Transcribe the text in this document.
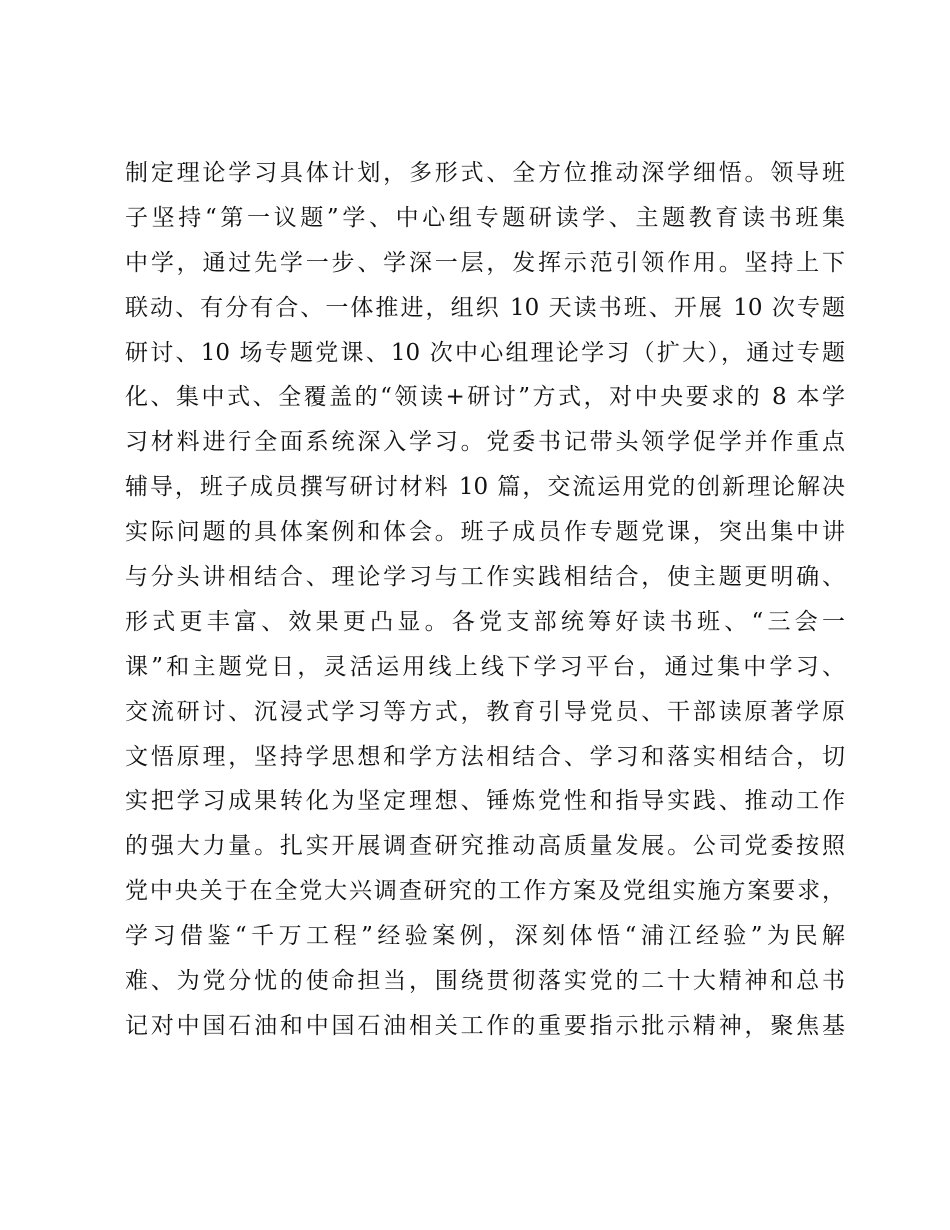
制定理论学习具体计划，多形式、全方位推动深学细悟。领导班
子坚持“第一议题”学、中心组专题研读学、主题教育读书班集
中学，通过先学一步、学深一层，发挥示范引领作用。坚持上下
联动、有分有合、一体推进，组织 10 天读书班、开展 10 次专题
研讨、10 场专题党课、10 次中心组理论学习（扩大），通过专题
化、集中式、全覆盖的“领读+研讨”方式，对中央要求的 8 本学
习材料进行全面系统深入学习。党委书记带头领学促学并作重点
辅导，班子成员撰写研讨材料 10 篇，交流运用党的创新理论解决
实际问题的具体案例和体会。班子成员作专题党课，突出集中讲
与分头讲相结合、理论学习与工作实践相结合，使主题更明确、
形式更丰富、效果更凸显。各党支部统筹好读书班、“三会一
课”和主题党日，灵活运用线上线下学习平台，通过集中学习、
交流研讨、沉浸式学习等方式，教育引导党员、干部读原著学原
文悟原理，坚持学思想和学方法相结合、学习和落实相结合，切
实把学习成果转化为坚定理想、锤炼党性和指导实践、推动工作
的强大力量。扎实开展调查研究推动高质量发展。公司党委按照
党中央关于在全党大兴调查研究的工作方案及党组实施方案要求，
学习借鉴“千万工程”经验案例，深刻体悟“浦江经验”为民解
难、为党分忧的使命担当，围绕贯彻落实党的二十大精神和总书
记对中国石油和中国石油相关工作的重要指示批示精神，聚焦基
